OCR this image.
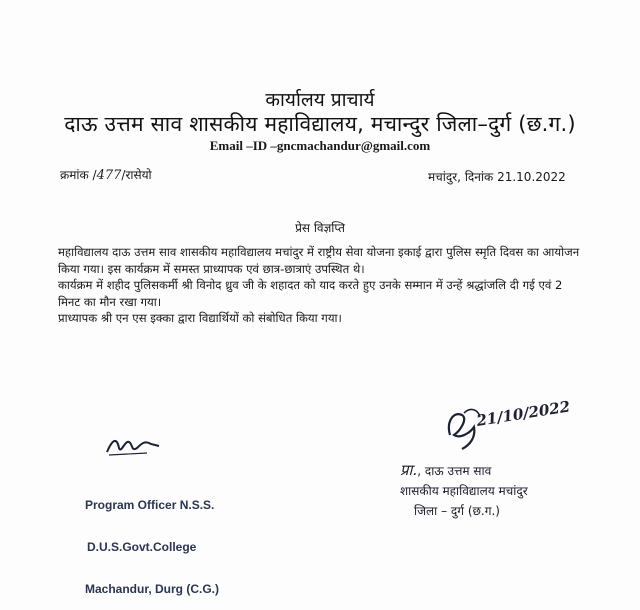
कार्यालय प्राचार्य
दाऊ उत्तम साव शासकीय महाविद्यालय, मचान्दुर जिला–दुर्ग (छ.ग.)
Email –ID –gncmachandur@gmail.com
क्रमांक /477/रासेयो	मचांदुर, दिनांक 21.10.2022
प्रेस विज्ञप्ति

महाविद्यालय दाऊ उत्तम साव शासकीय महाविद्यालय मचांदुर में राष्ट्रीय सेवा योजना इकाई द्वारा पुलिस स्मृति दिवस का आयोजन किया गया। इस कार्यक्रम में समस्त प्राध्यापक एवं छात्र-छात्राएं उपस्थित थे।

कार्यक्रम में शहीद पुलिसकर्मी श्री विनोद ध्रुव जी के शहादत को याद करते हुए उनके सम्मान में उन्हें श्रद्धांजलि दी गई एवं 2 मिनट का मौन रखा गया।

प्राध्यापक श्री एन एस इक्का द्वारा विद्यार्थियों को संबोधित किया गया।

Program Officer N.S.S.

D.U.S.Govt.College

Machandur, Durg (C.G.)

21/10/2022
प्रा., दाऊ उत्तम साव
शासकीय महाविद्यालय मचांदुर
जिला – दुर्ग (छ.ग.)
